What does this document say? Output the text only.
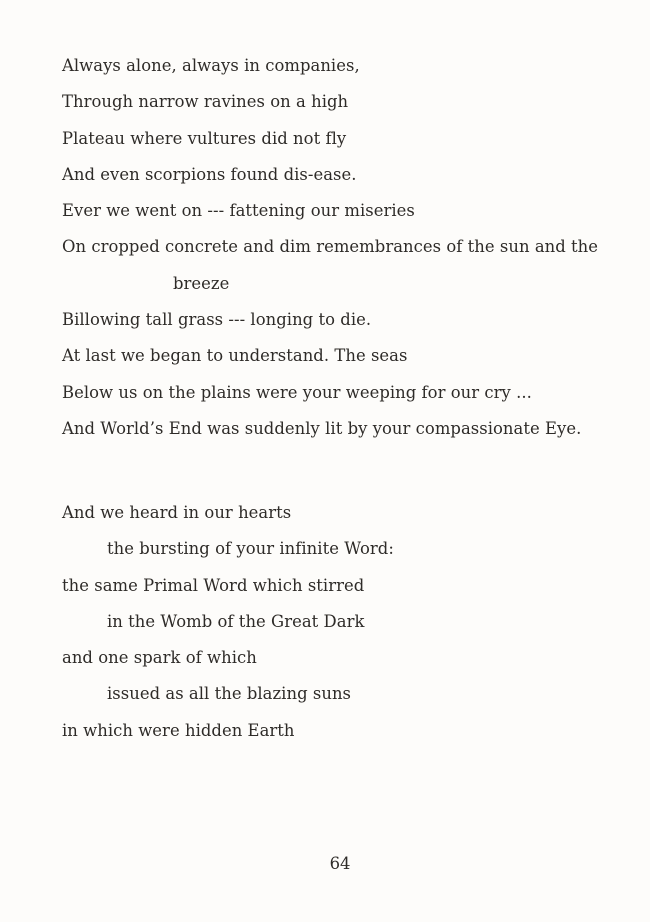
Always alone, always in companies,
Through narrow ravines on a high
Plateau where vultures did not fly
And even scorpions found dis-ease.
Ever we went on --- fattening our miseries
On cropped concrete and dim remembrances of the sun and the
breeze
Billowing tall grass --- longing to die.
At last we began to understand. The seas
Below us on the plains were your weeping for our cry ...
And World’s End was suddenly lit by your compassionate Eye.
And we heard in our hearts
the bursting of your infinite Word:
the same Primal Word which stirred
in the Womb of the Great Dark
and one spark of which
issued as all the blazing suns
in which were hidden Earth
64
